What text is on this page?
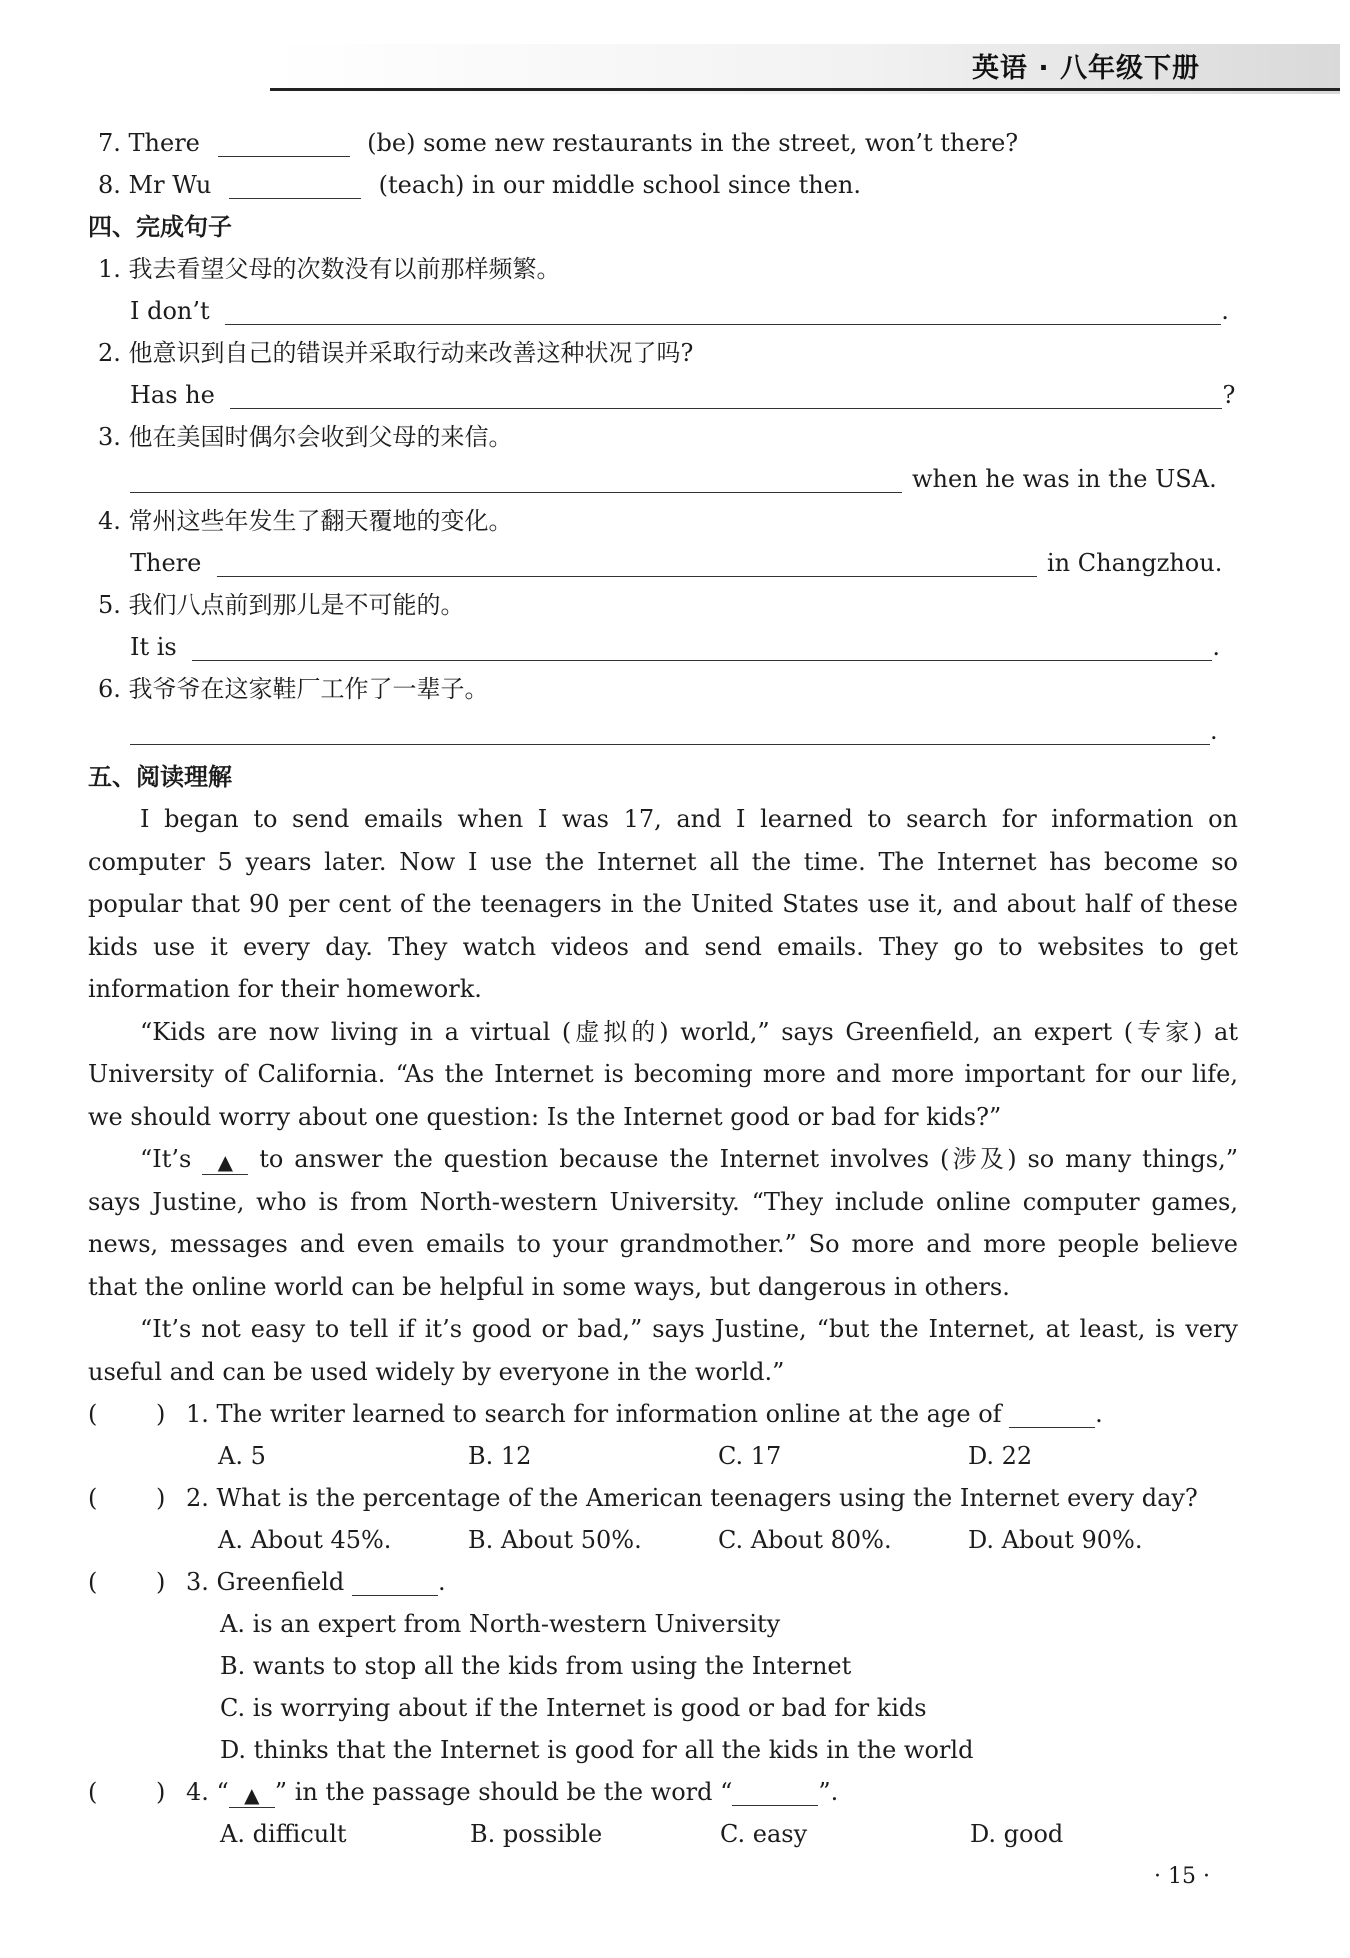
英语 · 八年级下册
7. There	(be) some new restaurants in the street, won’t there?
8. Mr Wu	(teach) in our middle school since then.
四、完成句子
1. 我去看望父母的次数没有以前那样频繁。
I don’t	.
2. 他意识到自己的错误并采取行动来改善这种状况了吗?
Has he	?
3. 他在美国时偶尔会收到父母的来信。
when he was in the USA.
4. 常州这些年发生了翻天覆地的变化。
There	in Changzhou.
5. 我们八点前到那儿是不可能的。
It is	.
6. 我爷爷在这家鞋厂工作了一辈子。
.
五、阅读理解
I began to send emails when I was 17, and I learned to search for information on computer 5 years later. Now I use the Internet all the time. The Internet has become so popular that 90 per cent of the teenagers in the United States use it, and about half of these kids use it every day. They watch videos and send emails. They go to websites to get information for their homework.
“Kids are now living in a virtual (虚拟的) world,” says Greenfield, an expert (专家) at University of California. “As the Internet is becoming more and more important for our life, we should worry about one question: Is the Internet good or bad for kids?”
“It’s ▲ to answer the question because the Internet involves (涉及) so many things,” says Justine, who is from North-western University. “They include online computer games, news, messages and even emails to your grandmother.” So more and more people believe that the online world can be helpful in some ways, but dangerous in others.
“It’s not easy to tell if it’s good or bad,” says Justine, “but the Internet, at least, is very useful and can be used widely by everyone in the world.”
( ) 1. The writer learned to search for information online at the age of	.
A. 5	B. 12	C. 17	D. 22
( ) 2. What is the percentage of the American teenagers using the Internet every day?
A. About 45%.	B. About 50%.	C. About 80%.	D. About 90%.
( ) 3. Greenfield	.
A. is an expert from North-western University
B. wants to stop all the kids from using the Internet
C. is worrying about if the Internet is good or bad for kids
D. thinks that the Internet is good for all the kids in the world
( ) 4. “ ▲ ” in the passage should be the word “	”.
A. difficult	B. possible	C. easy	D. good
· 15 ·
